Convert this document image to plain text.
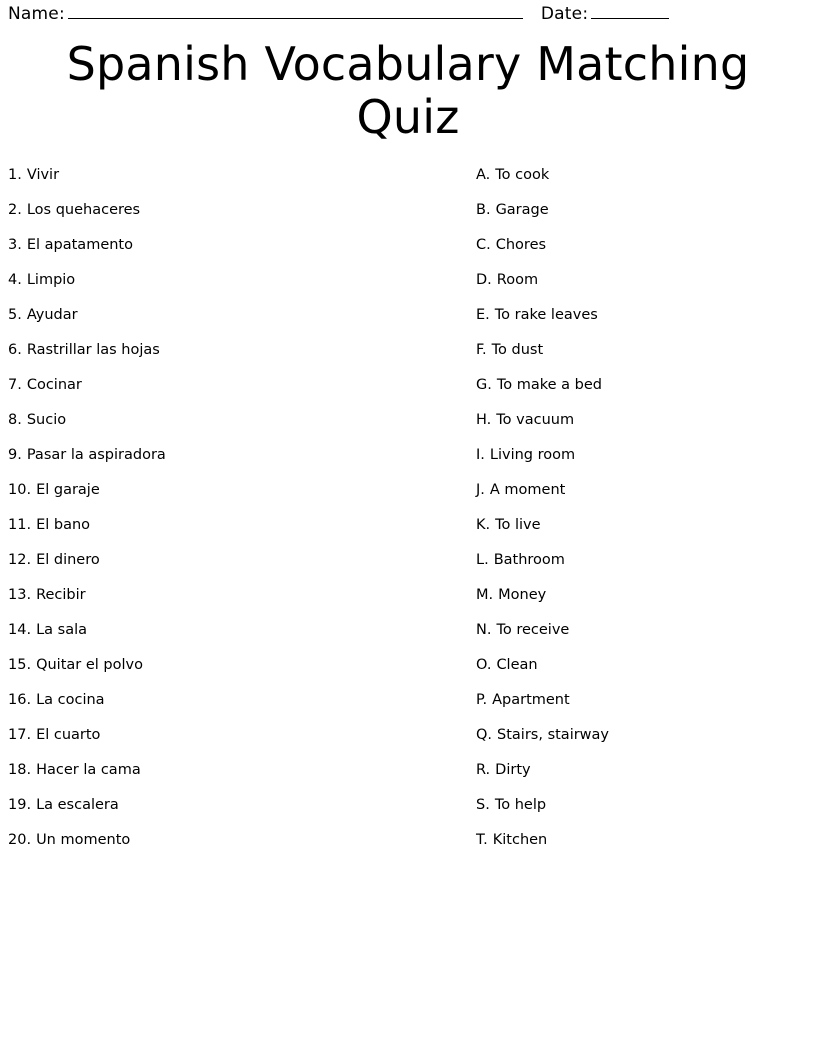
Name:	Date:
Spanish Vocabulary Matching Quiz
1. Vivir
2. Los quehaceres
3. El apatamento
4. Limpio
5. Ayudar
6. Rastrillar las hojas
7. Cocinar
8. Sucio
9. Pasar la aspiradora
10. El garaje
11. El bano
12. El dinero
13. Recibir
14. La sala
15. Quitar el polvo
16. La cocina
17. El cuarto
18. Hacer la cama
19. La escalera
20. Un momento
A. To cook
B. Garage
C. Chores
D. Room
E. To rake leaves
F. To dust
G. To make a bed
H. To vacuum
I. Living room
J. A moment
K. To live
L. Bathroom
M. Money
N. To receive
O. Clean
P. Apartment
Q. Stairs, stairway
R. Dirty
S. To help
T. Kitchen
